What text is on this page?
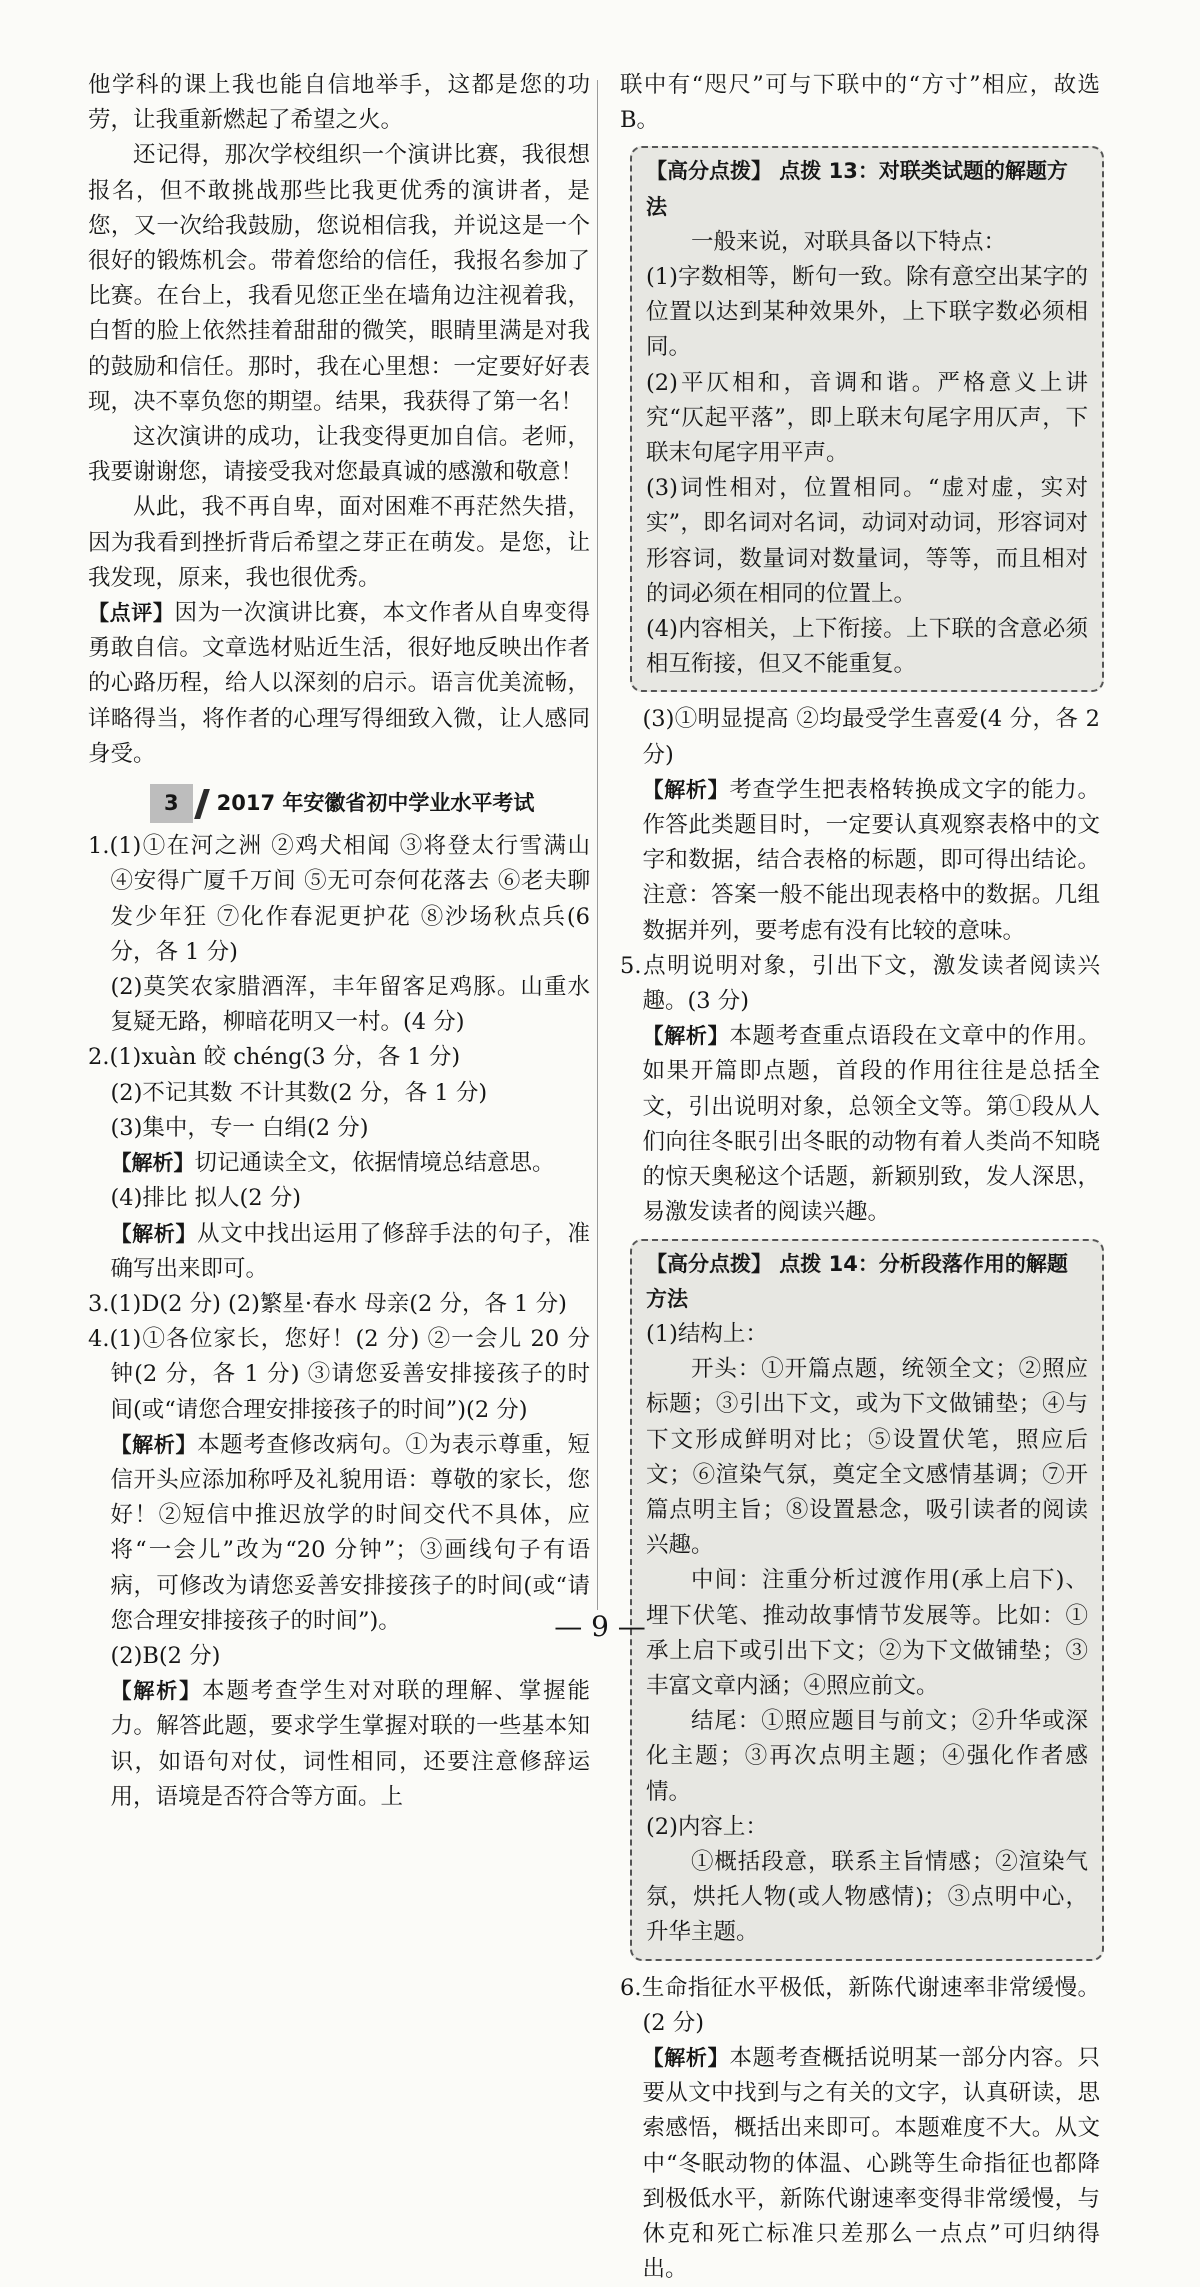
他学科的课上我也能自信地举手，这都是您的功劳，让我重新燃起了希望之火。

还记得，那次学校组织一个演讲比赛，我很想报名，但不敢挑战那些比我更优秀的演讲者，是您，又一次给我鼓励，您说相信我，并说这是一个很好的锻炼机会。带着您给的信任，我报名参加了比赛。在台上，我看见您正坐在墙角边注视着我，白皙的脸上依然挂着甜甜的微笑，眼睛里满是对我的鼓励和信任。那时，我在心里想：一定要好好表现，决不辜负您的期望。结果，我获得了第一名！

这次演讲的成功，让我变得更加自信。老师，我要谢谢您，请接受我对您最真诚的感激和敬意！

从此，我不再自卑，面对困难不再茫然失措，因为我看到挫折背后希望之芽正在萌发。是您，让我发现，原来，我也很优秀。

【点评】因为一次演讲比赛，本文作者从自卑变得勇敢自信。文章选材贴近生活，很好地反映出作者的心路历程，给人以深刻的启示。语言优美流畅，详略得当，将作者的心理写得细致入微，让人感同身受。

3	2017 年安徽省初中学业水平考试

1.(1)①在河之洲 ②鸡犬相闻 ③将登太行雪满山 ④安得广厦千万间 ⑤无可奈何花落去 ⑥老夫聊发少年狂 ⑦化作春泥更护花 ⑧沙场秋点兵(6 分，各 1 分)

(2)莫笑农家腊酒浑，丰年留客足鸡豚。山重水复疑无路，柳暗花明又一村。(4 分)

2.(1)xuàn 皎 chéng(3 分，各 1 分)

(2)不记其数 不计其数(2 分，各 1 分)

(3)集中，专一 白绢(2 分)

【解析】切记通读全文，依据情境总结意思。

(4)排比 拟人(2 分)

【解析】从文中找出运用了修辞手法的句子，准确写出来即可。

3.(1)D(2 分) (2)繁星·春水 母亲(2 分，各 1 分)

4.(1)①各位家长，您好！(2 分) ②一会儿 20 分钟(2 分，各 1 分) ③请您妥善安排接孩子的时间(或“请您合理安排接孩子的时间”)(2 分)

【解析】本题考查修改病句。①为表示尊重，短信开头应添加称呼及礼貌用语：尊敬的家长，您好！②短信中推迟放学的时间交代不具体，应将“一会儿”改为“20 分钟”；③画线句子有语病，可修改为请您妥善安排接孩子的时间(或“请您合理安排接孩子的时间”)。

(2)B(2 分)

【解析】本题考查学生对对联的理解、掌握能力。解答此题，要求学生掌握对联的一些基本知识，如语句对仗，词性相同，还要注意修辞运用，语境是否符合等方面。上

联中有“咫尺”可与下联中的“方寸”相应，故选 B。

【高分点拨】 点拨 13：对联类试题的解题方法

一般来说，对联具备以下特点：

(1)字数相等，断句一致。除有意空出某字的位置以达到某种效果外，上下联字数必须相同。

(2)平仄相和，音调和谐。严格意义上讲究“仄起平落”，即上联末句尾字用仄声，下联末句尾字用平声。

(3)词性相对，位置相同。“虚对虚，实对实”，即名词对名词，动词对动词，形容词对形容词，数量词对数量词，等等，而且相对的词必须在相同的位置上。

(4)内容相关，上下衔接。上下联的含意必须相互衔接，但又不能重复。

(3)①明显提高 ②均最受学生喜爱(4 分，各 2 分)

【解析】考查学生把表格转换成文字的能力。作答此类题目时，一定要认真观察表格中的文字和数据，结合表格的标题，即可得出结论。注意：答案一般不能出现表格中的数据。几组数据并列，要考虑有没有比较的意味。

5.点明说明对象，引出下文，激发读者阅读兴趣。(3 分)

【解析】本题考查重点语段在文章中的作用。如果开篇即点题，首段的作用往往是总括全文，引出说明对象，总领全文等。第①段从人们向往冬眠引出冬眠的动物有着人类尚不知晓的惊天奥秘这个话题，新颖别致，发人深思，易激发读者的阅读兴趣。

【高分点拨】 点拨 14：分析段落作用的解题方法

(1)结构上：

开头：①开篇点题，统领全文；②照应标题；③引出下文，或为下文做铺垫；④与下文形成鲜明对比；⑤设置伏笔，照应后文；⑥渲染气氛，奠定全文感情基调；⑦开篇点明主旨；⑧设置悬念，吸引读者的阅读兴趣。

中间：注重分析过渡作用(承上启下)、埋下伏笔、推动故事情节发展等。比如：①承上启下或引出下文；②为下文做铺垫；③丰富文章内涵；④照应前文。

结尾：①照应题目与前文；②升华或深化主题；③再次点明主题；④强化作者感情。

(2)内容上：

①概括段意，联系主旨情感；②渲染气氛，烘托人物(或人物感情)；③点明中心，升华主题。

6.生命指征水平极低，新陈代谢速率非常缓慢。(2 分)

【解析】本题考查概括说明某一部分内容。只要从文中找到与之有关的文字，认真研读，思索感悟，概括出来即可。本题难度不大。从文中“冬眠动物的体温、心跳等生命指征也都降到极低水平，新陈代谢速率变得非常缓慢，与休克和死亡标准只差那么一点点”可归纳得出。

— 9 —
